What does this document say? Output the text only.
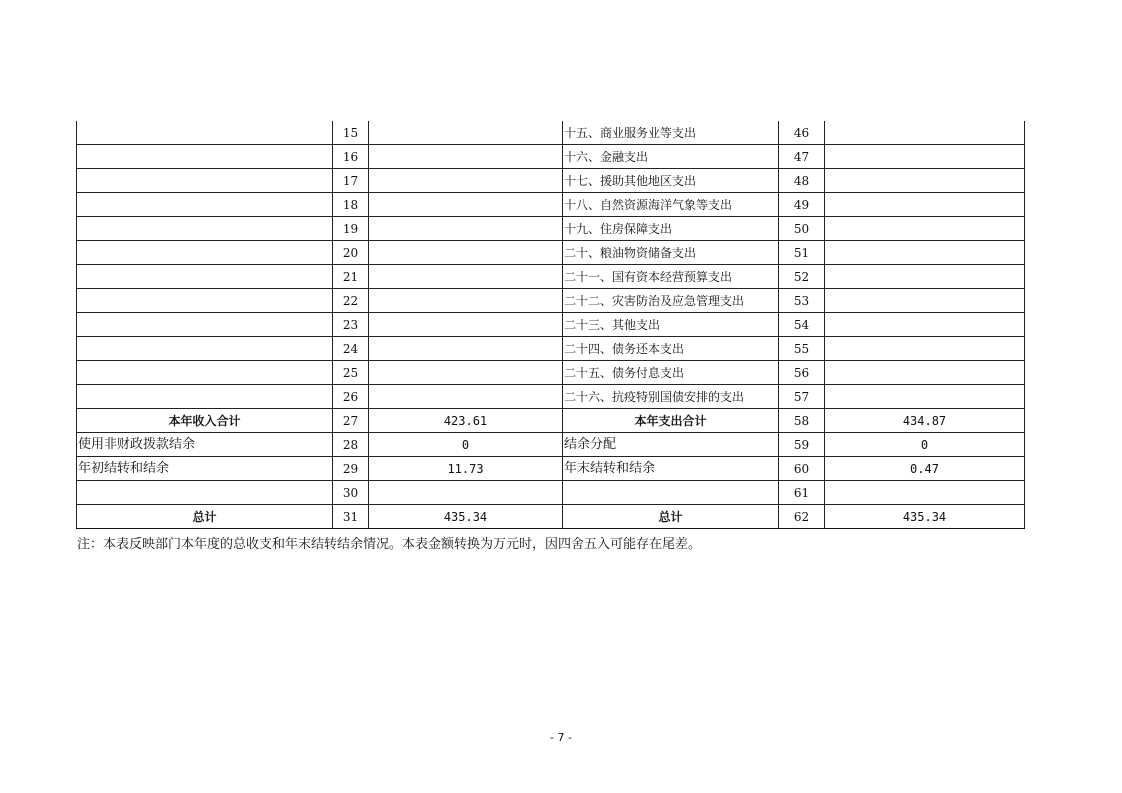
	15		十五、商业服务业等支出	46	
	16		十六、金融支出	47	
	17		十七、援助其他地区支出	48	
	18		十八、自然资源海洋气象等支出	49	
	19		十九、住房保障支出	50	
	20		二十、粮油物资储备支出	51	
	21		二十一、国有资本经营预算支出	52	
	22		二十二、灾害防治及应急管理支出	53	
	23		二十三、其他支出	54	
	24		二十四、债务还本支出	55	
	25		二十五、债务付息支出	56	
	26		二十六、抗疫特别国债安排的支出	57	
本年收入合计	27	423.61	本年支出合计	58	434.87
使用非财政拨款结余	28	0	结余分配	59	0
年初结转和结余	29	11.73	年末结转和结余	60	0.47
	30			61	
总计	31	435.34	总计	62	435.34
注：本表反映部门本年度的总收支和年末结转结余情况。本表金额转换为万元时，因四舍五入可能存在尾差。
- 7 -
